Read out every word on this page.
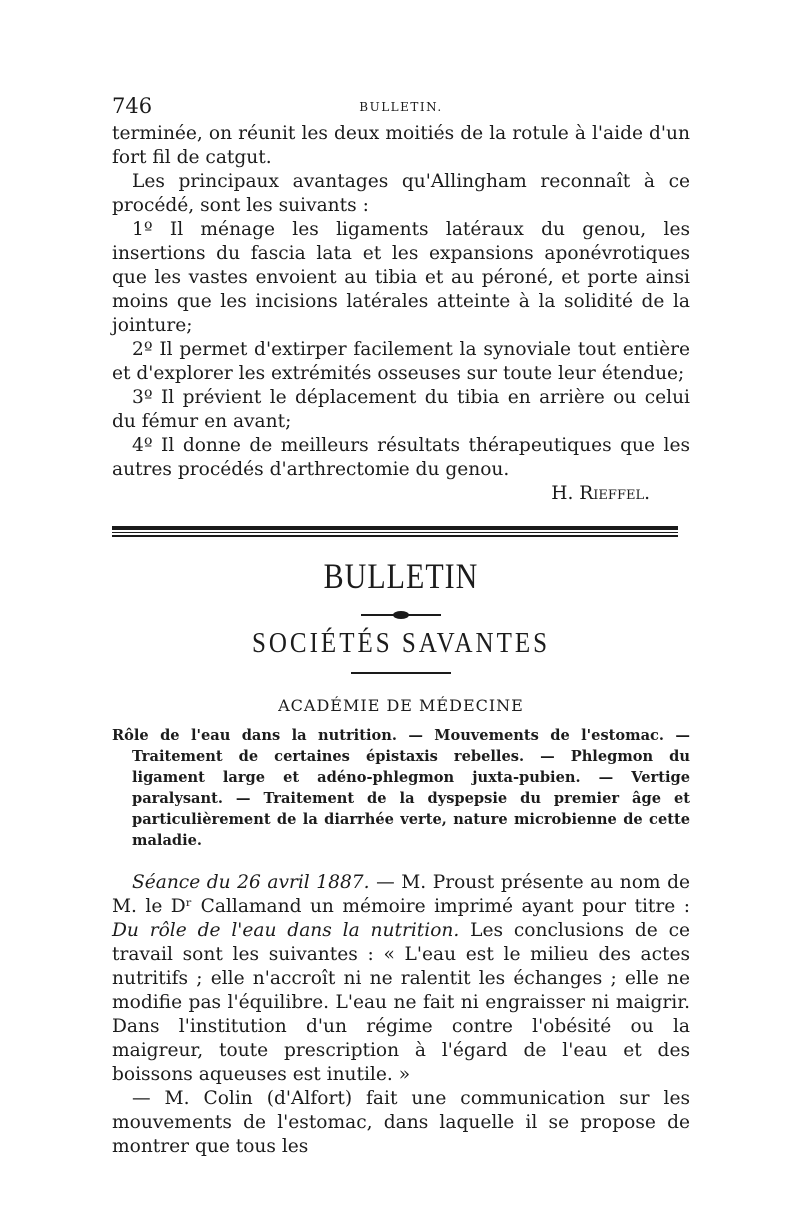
746	BULLETIN.

terminée, on réunit les deux moitiés de la rotule à l'aide d'un fort fil de catgut.

Les principaux avantages qu'Allingham reconnaît à ce procédé, sont les suivants :

1º Il ménage les ligaments latéraux du genou, les insertions du fascia lata et les expansions aponévrotiques que les vastes envoient au tibia et au péroné, et porte ainsi moins que les incisions latérales atteinte à la solidité de la jointure;

2º Il permet d'extirper facilement la synoviale tout entière et d'explorer les extrémités osseuses sur toute leur étendue;

3º Il prévient le déplacement du tibia en arrière ou celui du fémur en avant;

4º Il donne de meilleurs résultats thérapeutiques que les autres procédés d'arthrectomie du genou.

H. Rieffel.

BULLETIN
SOCIÉTÉS SAVANTES
ACADÉMIE DE MÉDECINE

Rôle de l'eau dans la nutrition. — Mouvements de l'estomac. — Traitement de certaines épistaxis rebelles. — Phlegmon du ligament large et adéno-phlegmon juxta-pubien. — Vertige paralysant. — Traitement de la dyspepsie du premier âge et particulièrement de la diarrhée verte, nature microbienne de cette maladie.

Séance du 26 avril 1887. — M. Proust présente au nom de M. le Dʳ Callamand un mémoire imprimé ayant pour titre : Du rôle de l'eau dans la nutrition. Les conclusions de ce travail sont les suivantes : « L'eau est le milieu des actes nutritifs ; elle n'accroît ni ne ralentit les échanges ; elle ne modifie pas l'équilibre. L'eau ne fait ni engraisser ni maigrir. Dans l'institution d'un régime contre l'obésité ou la maigreur, toute prescription à l'égard de l'eau et des boissons aqueuses est inutile. »

— M. Colin (d'Alfort) fait une communication sur les mouvements de l'estomac, dans laquelle il se propose de montrer que tous les
